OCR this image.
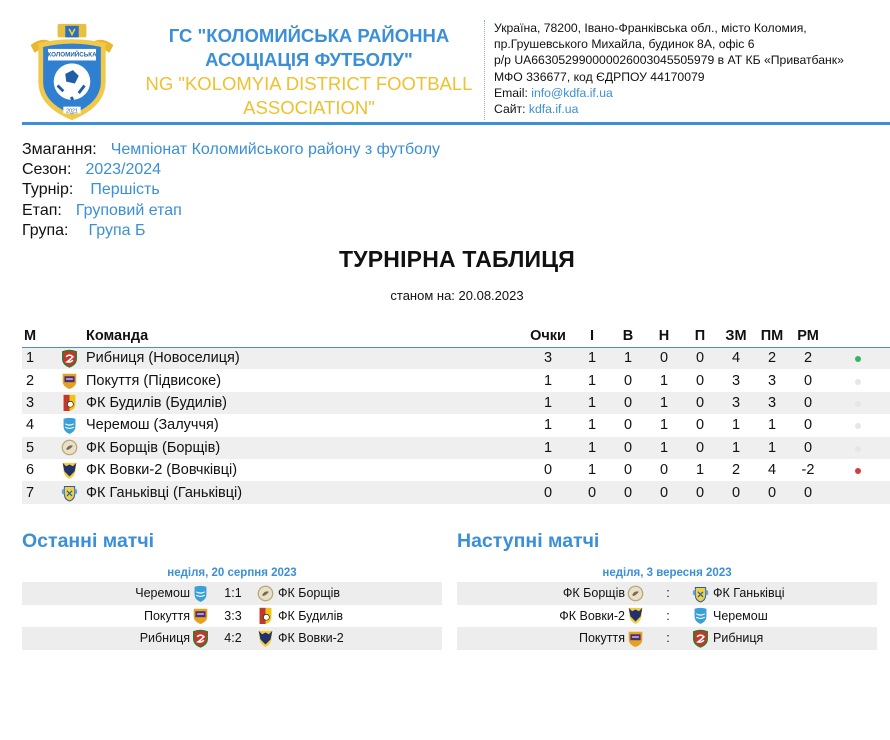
КОЛОМИЙСЬКА
2021
ГС "КОЛОМИЙСЬКА РАЙОННА
АСОЦІАЦІЯ ФУТБОЛУ"
NG "KOLOMYIA DISTRICT FOOTBALL
ASSOCIATION"
Україна, 78200, Івано-Франківська обл., місто Коломия,
пр.Грушевського Михайла, будинок 8А, офіс 6
р/р UA663052990000026003045505979 в АТ КБ «Приватбанк»
МФО 336677, код ЄДРПОУ 44170079
Email: info@kdfa.if.ua
Сайт: kdfa.if.ua
Змагання: Чемпіонат Коломийського району з футболу
Сезон: 2023/2024
Турнір: Першість
Етап: Груповий етап
Група: Група Б
ТУРНІРНА ТАБЛИЦЯ
станом на: 20.08.2023
М		Команда	Очки	І	В	Н	П	ЗМ	ПМ	РМ	
1		Рибниця (Новоселиця)	3	1	1	0	0	4	2	2	
2		Покуття (Підвисоке)	1	1	0	1	0	3	3	0	
3		ФК Будилів (Будилів)	1	1	0	1	0	3	3	0	
4		Черемош (Залуччя)	1	1	0	1	0	1	1	0	
5		ФК Борщів (Борщів)	1	1	0	1	0	1	1	0	
6		ФК Вовки-2 (Вовчківці)	0	1	0	0	1	2	4	-2	
7		ФК Ганьківці (Ганьківці)	0	0	0	0	0	0	0	0	
Останні матчі
неділя, 20 серпня 2023
Черемош	1:1	ФК Борщів
Покуття	3:3	ФК Будилів
Рибниця	4:2	ФК Вовки-2
Наступні матчі
неділя, 3 вересня 2023
ФК Борщів	:	ФК Ганьківці
ФК Вовки-2	:	Черемош
Покуття	:	Рибниця
